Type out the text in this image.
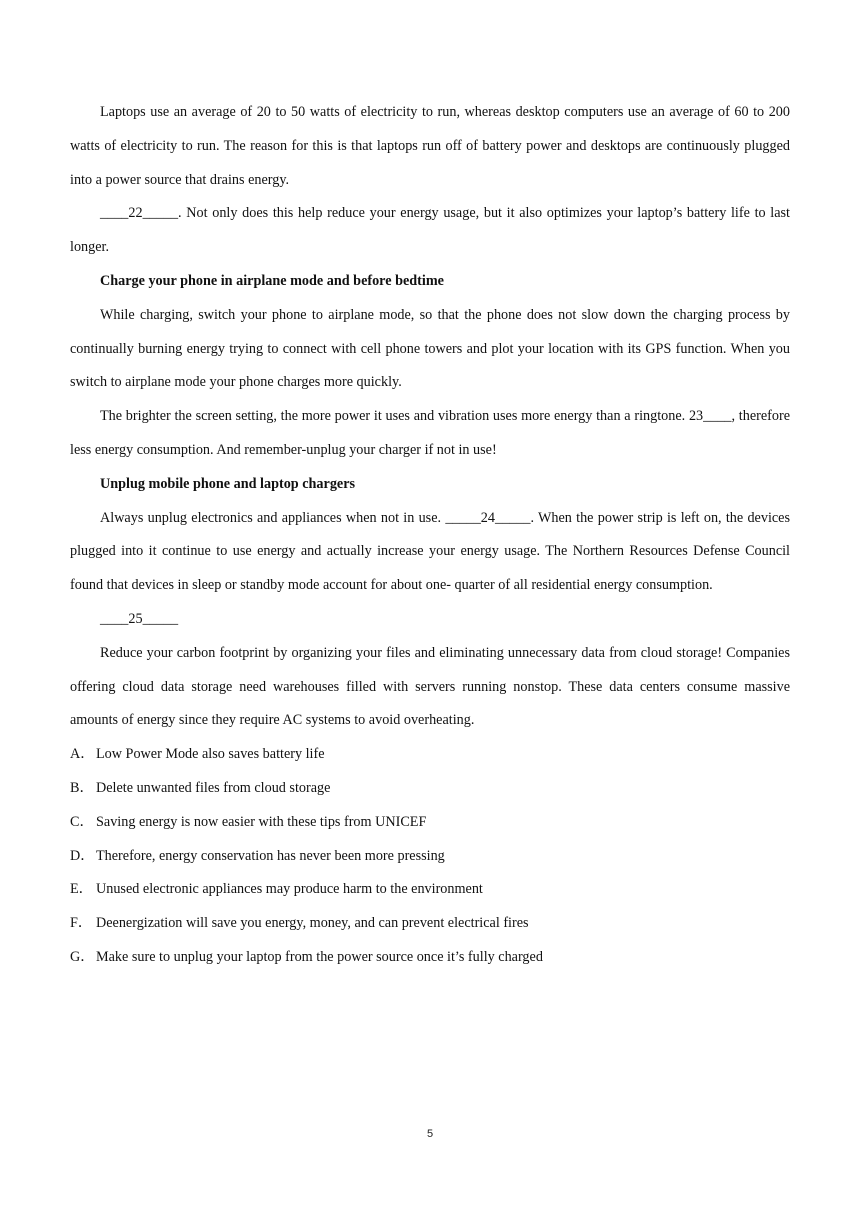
Laptops use an average of 20 to 50 watts of electricity to run, whereas desktop computers use an average of 60 to 200 watts of electricity to run. The reason for this is that laptops run off of battery power and desktops are continuously plugged into a power source that drains energy.

____22_____. Not only does this help reduce your energy usage, but it also optimizes your laptop’s battery life to last longer.

Charge your phone in airplane mode and before bedtime

While charging, switch your phone to airplane mode, so that the phone does not slow down the charging process by continually burning energy trying to connect with cell phone towers and plot your location with its GPS function. When you switch to airplane mode your phone charges more quickly.

The brighter the screen setting, the more power it uses and vibration uses more energy than a ringtone. 23____, therefore less energy consumption. And remember-unplug your charger if not in use!

Unplug mobile phone and laptop chargers

Always unplug electronics and appliances when not in use. _____24_____. When the power strip is left on, the devices plugged into it continue to use energy and actually increase your energy usage. The Northern Resources Defense Council found that devices in sleep or standby mode account for about one- quarter of all residential energy consumption.

____25_____

Reduce your carbon footprint by organizing your files and eliminating unnecessary data from cloud storage! Companies offering cloud data storage need warehouses filled with servers running nonstop. These data centers consume massive amounts of energy since they require AC systems to avoid overheating.

A． Low Power Mode also saves battery life

B． Delete unwanted files from cloud storage

C． Saving energy is now easier with these tips from UNICEF

D． Therefore, energy conservation has never been more pressing

E． Unused electronic appliances may produce harm to the environment

F． Deenergization will save you energy, money, and can prevent electrical fires

G． Make sure to unplug your laptop from the power source once it’s fully charged

5
